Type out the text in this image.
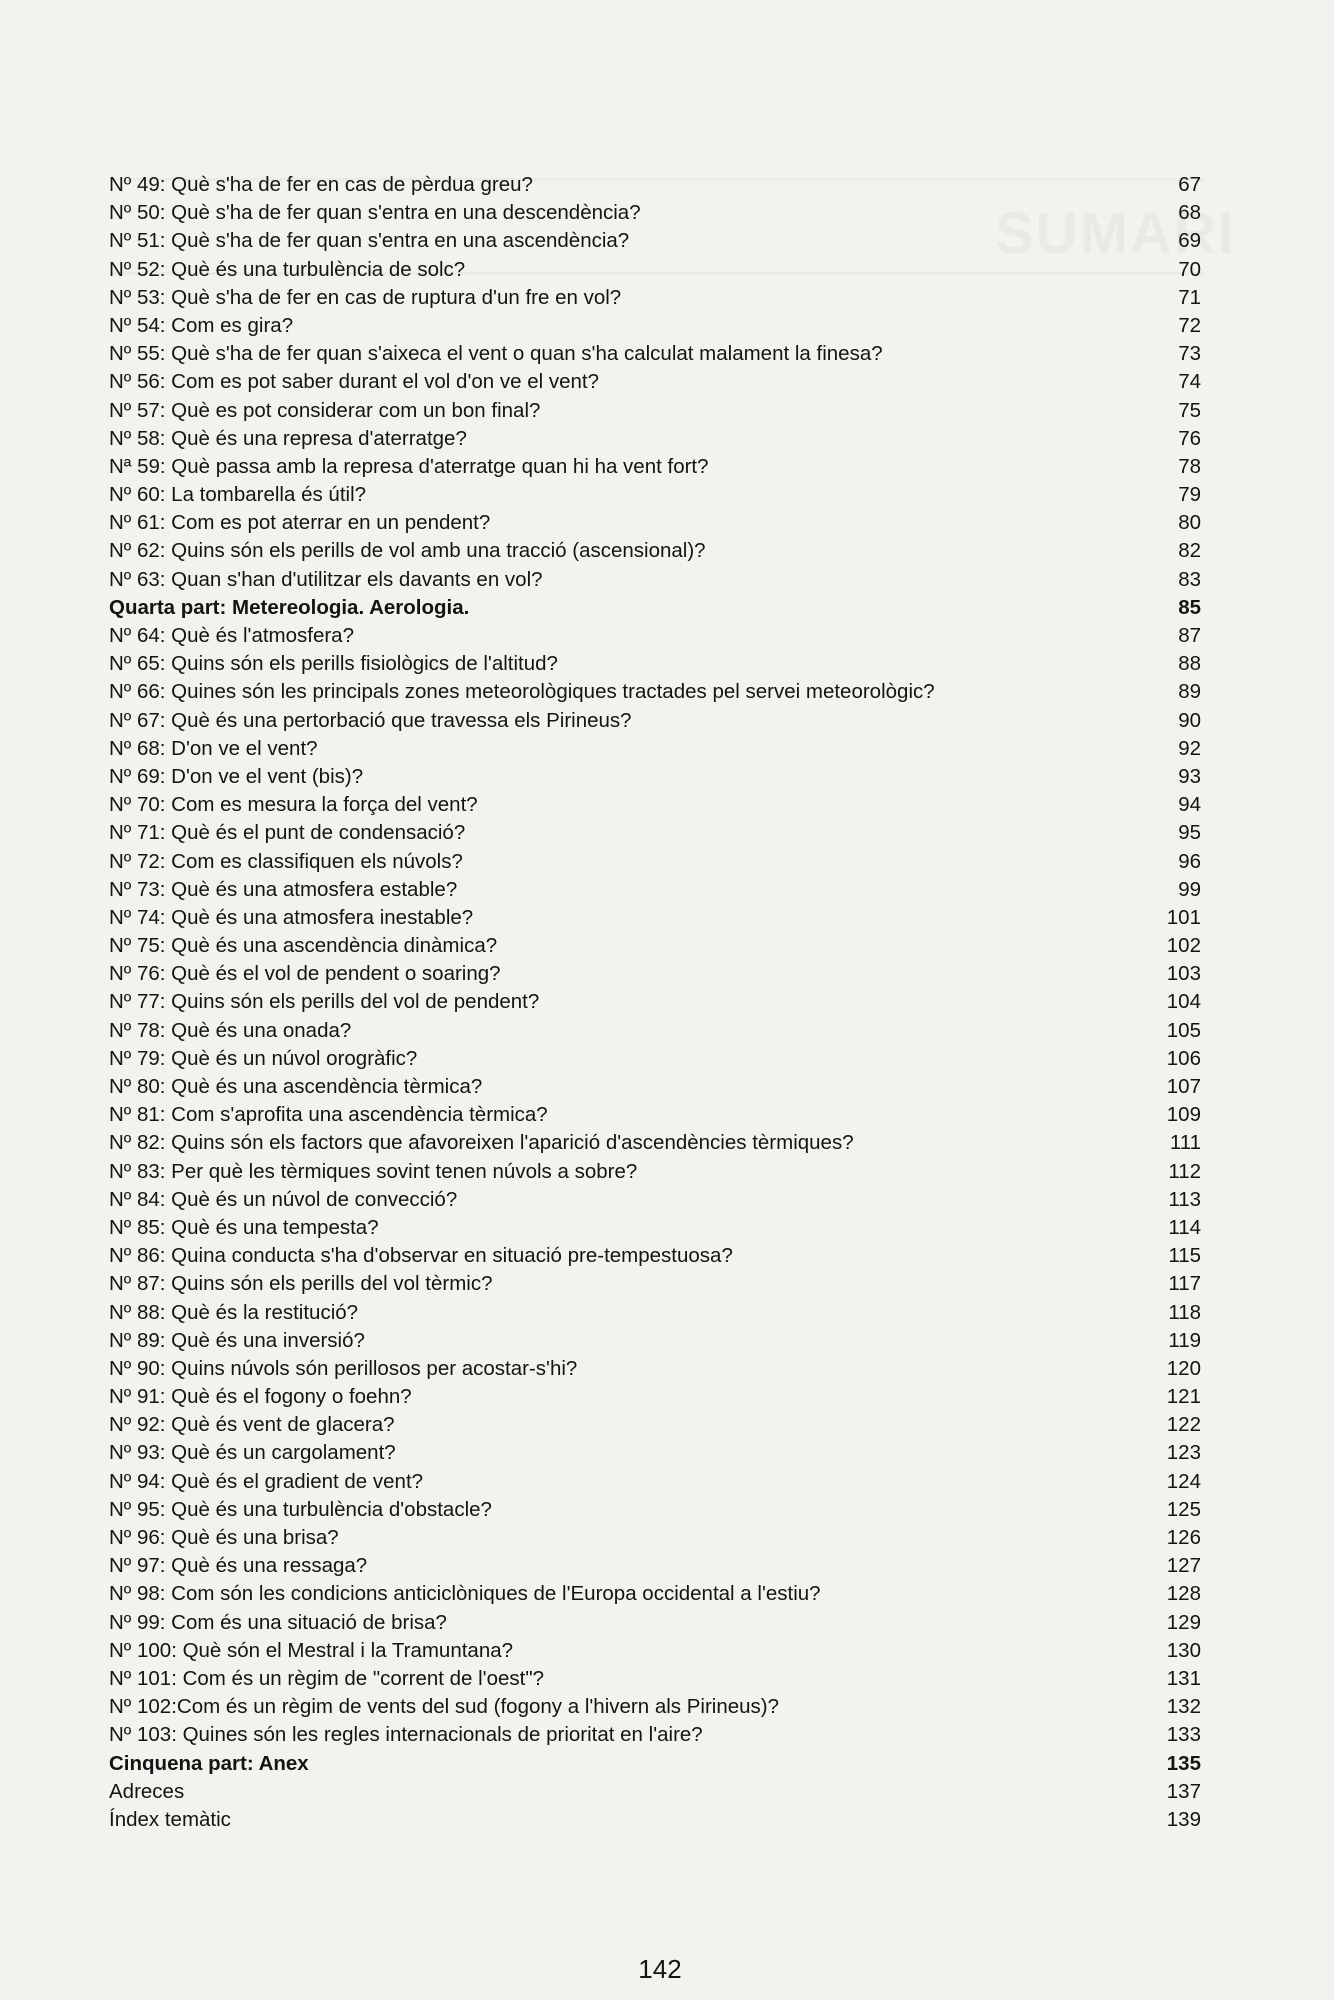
Nº 49: Què s'ha de fer en cas de pèrdua greu?	67
Nº 50: Què s'ha de fer quan s'entra en una descendència?	68
Nº 51: Què s'ha de fer quan s'entra en una ascendència?	69
Nº 52: Què és una turbulència de solc?	70
Nº 53: Què s'ha de fer en cas de ruptura d'un fre en vol?	71
Nº 54: Com es gira?	72
Nº 55: Què s'ha de fer quan s'aixeca el vent o quan s'ha calculat malament la finesa?	73
Nº 56: Com es pot saber durant el vol d'on ve el vent?	74
Nº 57: Què es pot considerar com un bon final?	75
Nº 58: Què és una represa d'aterratge?	76
Nª 59: Què passa amb la represa d'aterratge quan hi ha vent fort?	78
Nº 60: La tombarella és útil?	79
Nº 61: Com es pot aterrar en un pendent?	80
Nº 62: Quins són els perills de vol amb una tracció (ascensional)?	82
Nº 63: Quan s'han d'utilitzar els davants en vol?	83
Quarta part: Metereologia. Aerologia.	85
Nº 64: Què és l'atmosfera?	87
Nº 65: Quins són els perills fisiològics de l'altitud?	88
Nº 66: Quines són les principals zones meteorològiques tractades pel servei meteorològic?	89
Nº 67: Què és una pertorbació que travessa els Pirineus?	90
Nº 68: D'on ve el vent?	92
Nº 69: D'on ve el vent (bis)?	93
Nº 70: Com es mesura la força del vent?	94
Nº 71: Què és el punt de condensació?	95
Nº 72: Com es classifiquen els núvols?	96
Nº 73: Què és una atmosfera estable?	99
Nº 74: Què és una atmosfera inestable?	101
Nº 75: Què és una ascendència dinàmica?	102
Nº 76: Què és el vol de pendent o soaring?	103
Nº 77: Quins són els perills del vol de pendent?	104
Nº 78: Què és una onada?	105
Nº 79: Què és un núvol orogràfic?	106
Nº 80: Què és una ascendència tèrmica?	107
Nº 81: Com s'aprofita una ascendència tèrmica?	109
Nº 82: Quins són els factors que afavoreixen l'aparició d'ascendències tèrmiques?	111
Nº 83: Per què les tèrmiques sovint tenen núvols a sobre?	112
Nº 84: Què és un núvol de convecció?	113
Nº 85: Què és una tempesta?	114
Nº 86: Quina conducta s'ha d'observar en situació pre-tempestuosa?	115
Nº 87: Quins són els perills del vol tèrmic?	117
Nº 88: Què és la restitució?	118
Nº 89: Què és una inversió?	119
Nº 90: Quins núvols són perillosos per acostar-s'hi?	120
Nº 91: Què és el fogony o foehn?	121
Nº 92: Què és vent de glacera?	122
Nº 93: Què és un cargolament?	123
Nº 94: Què és el gradient de vent?	124
Nº 95: Què és una turbulència d'obstacle?	125
Nº 96: Què és una brisa?	126
Nº 97: Què és una ressaga?	127
Nº 98: Com són les condicions anticiclòniques de l'Europa occidental a l'estiu?	128
Nº 99: Com és una situació de brisa?	129
Nº 100: Què són el Mestral i la Tramuntana?	130
Nº 101: Com és un règim de "corrent de l'oest"?	131
Nº 102:Com és un règim de vents del sud (fogony a l'hivern als Pirineus)?	132
Nº 103: Quines són les regles internacionals de prioritat en l'aire?	133
Cinquena part: Anex	135
Adreces	137
Índex temàtic	139
142
